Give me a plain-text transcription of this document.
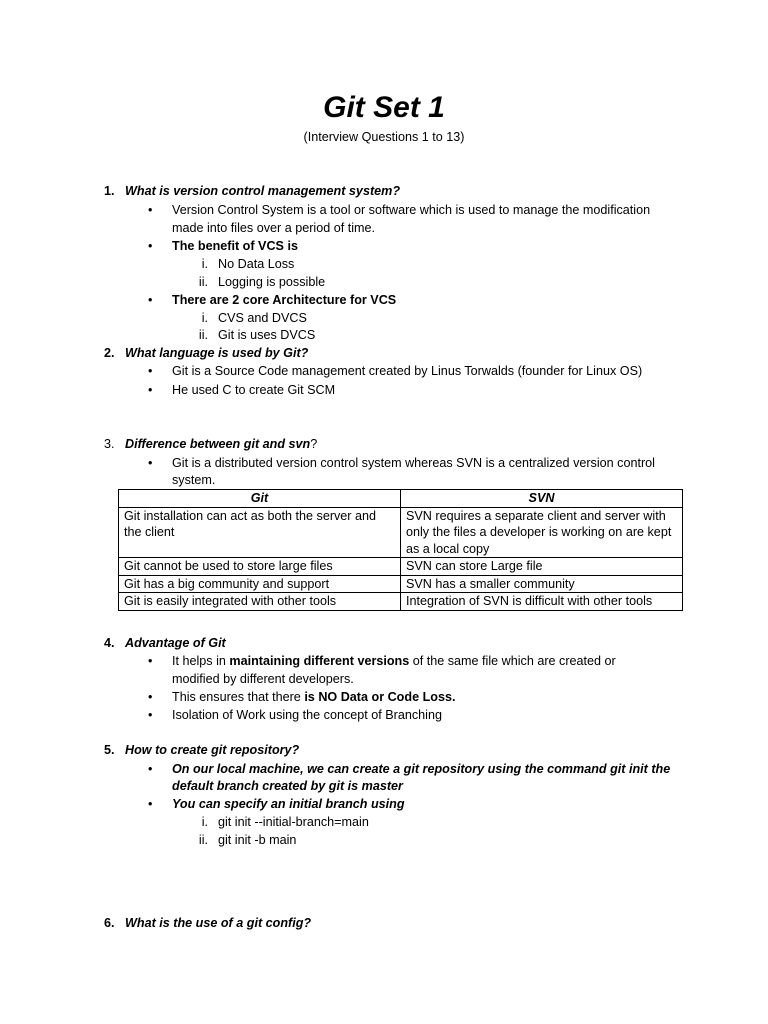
Git Set 1
(Interview Questions 1 to 13)
1. What is version control management system?
• Version Control System is a tool or software which is used to manage the modification
made into files over a period of time.
• The benefit of VCS is
i. No Data Loss
ii. Logging is possible
• There are 2 core Architecture for VCS
i. CVS and DVCS
ii. Git is uses DVCS
2. What language is used by Git?
• Git is a Source Code management created by Linus Torwalds (founder for Linux OS)
• He used C to create Git SCM
3. Difference between git and svn?
• Git is a distributed version control system whereas SVN is a centralized version control
system.
Git	SVN
Git installation can act as both the server and the client	SVN requires a separate client and server with only the files a developer is working on are kept as a local copy
Git cannot be used to store large files	SVN can store Large file
Git has a big community and support	SVN has a smaller community
Git is easily integrated with other tools	Integration of SVN is difficult with other tools
4. Advantage of Git
• It helps in maintaining different versions of the same file which are created or
modified by different developers.
• This ensures that there is NO Data or Code Loss.
• Isolation of Work using the concept of Branching
5. How to create git repository?
• On our local machine, we can create a git repository using the command git init the
default branch created by git is master
• You can specify an initial branch using
i. git init --initial-branch=main
ii. git init -b main
6. What is the use of a git config?
